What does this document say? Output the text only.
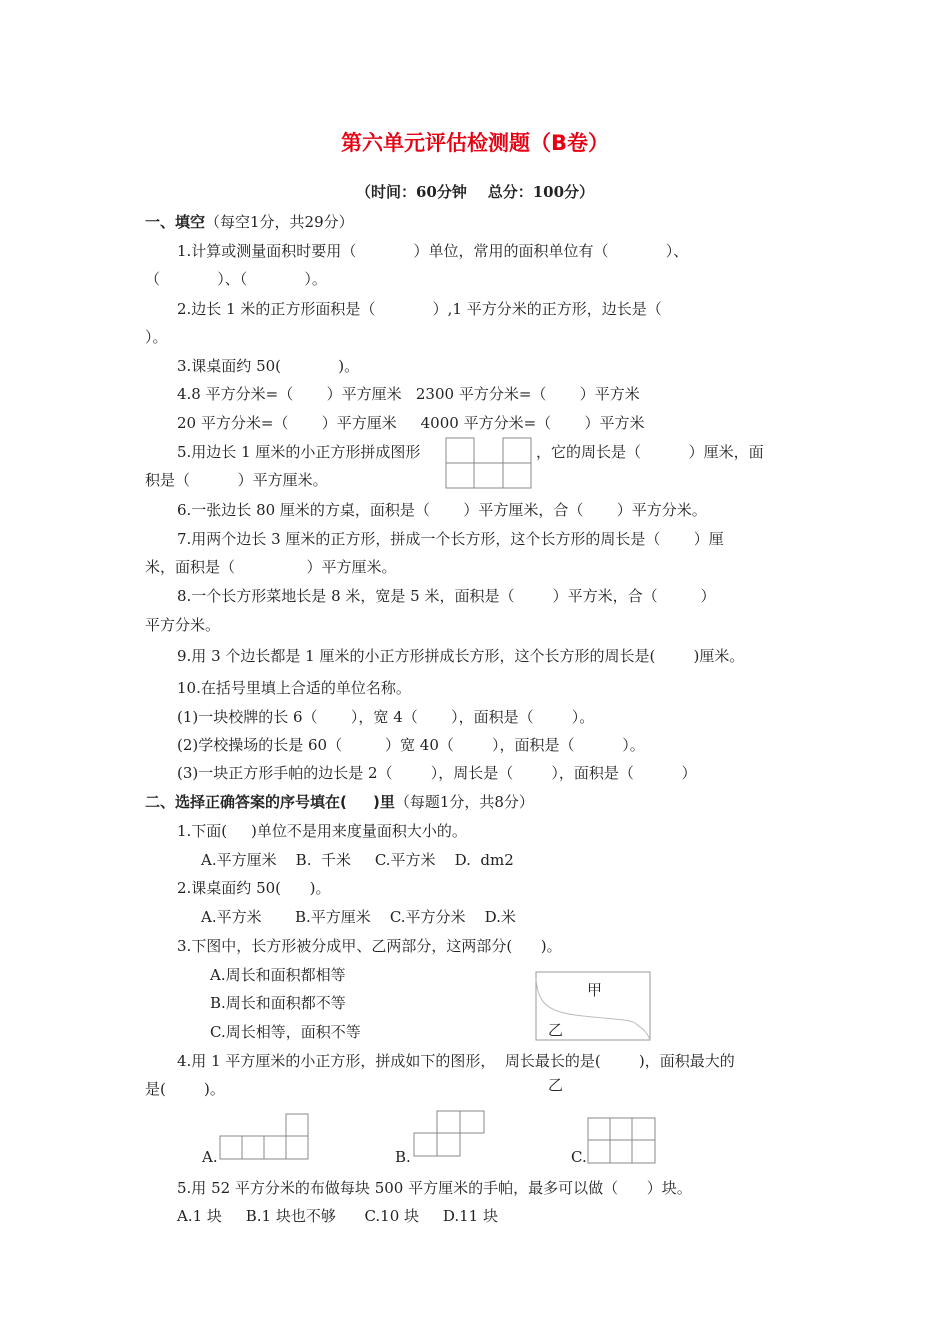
第六单元评估检测题（B卷）
（时间：60分钟    总分：100分）
一、填空（每空1分，共29分）
1.计算或测量面积时要用（            ）单位，常用的面积单位有（            ）、
（            ）、（            ）。
2.边长 1 米的正方形面积是（            ）,1 平方分米的正方形，边长是（
）。
3.课桌面约 50(            )。
4.8 平方分米=（       ）平方厘米   2300 平方分米=（       ）平方米
20 平方分米=（       ）平方厘米     4000 平方分米=（       ）平方米
5.用边长 1 厘米的小正方形拼成图形	，它的周长是（          ）厘米，面
积是（          ）平方厘米。
6.一张边长 80 厘米的方桌，面积是（       ）平方厘米，合（       ）平方分米。
7.用两个边长 3 厘米的正方形，拼成一个长方形，这个长方形的周长是（       ）厘
米，面积是（               ）平方厘米。
8.一个长方形菜地长是 8 米，宽是 5 米，面积是（        ）平方米，合（         ）
平方分米。
9.用 3 个边长都是 1 厘米的小正方形拼成长方形，这个长方形的周长是(        )厘米。
10.在括号里填上合适的单位名称。
(1)一块校牌的长 6（       ），宽 4（       ），面积是（        ）。
(2)学校操场的长是 60（         ）宽 40（        ），面积是（          ）。
(3)一块正方形手帕的边长是 2（        ），周长是（        ），面积是（          ）
二、选择正确答案的序号填在(     )里（每题1分，共8分）
1.下面(     )单位不是用来度量面积大小的。
A.平方厘米    B.  千米     C.平方米    D.  dm2
2.课桌面约 50(      )。
A.平方米       B.平方厘米    C.平方分米    D.米
3.下图中，长方形被分成甲、乙两部分，这两部分(      )。
A.周长和面积都相等
B.周长和面积都不等
C.周长相等，面积不等
甲
乙
4.用 1 平方厘米的小正方形，拼成如下的图形，  周长最长的是(        )，面积最大的
是(        )。	乙
A.	B.	C.
5.用 52 平方分米的布做每块 500 平方厘米的手帕，最多可以做（      ）块。
A.1 块     B.1 块也不够      C.10 块     D.11 块
